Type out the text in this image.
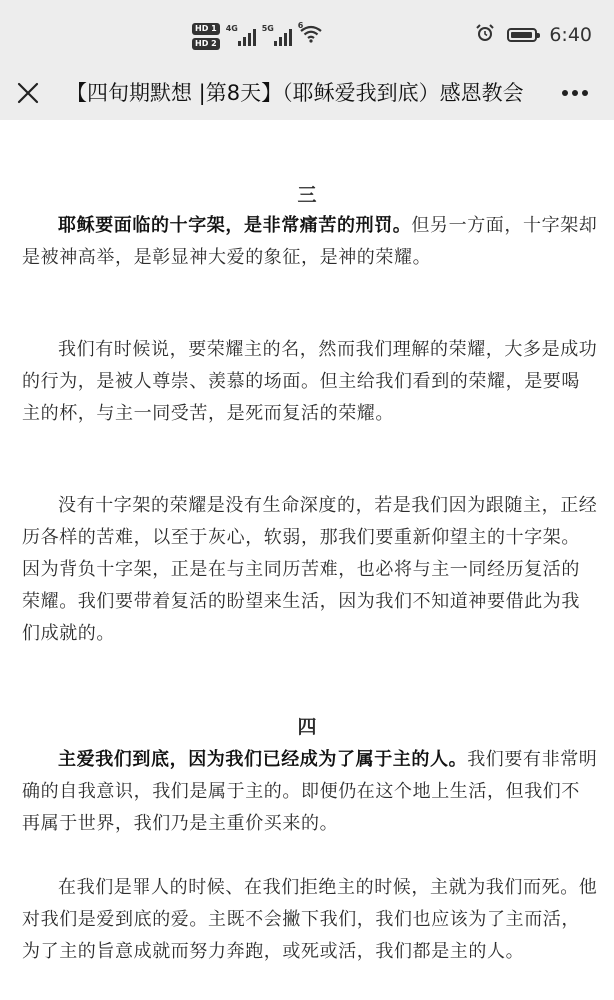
HD 1
HD 2
4G	5G	6	6:40
【四旬期默想 |第8天】（耶稣爱我到底）感恩教会
三

耶稣要面临的十字架，是非常痛苦的刑罚。但另一方面，十字架却是被神高举，是彰显神大爱的象征，是神的荣耀。

我们有时候说，要荣耀主的名，然而我们理解的荣耀，大多是成功的行为，是被人尊崇、羡慕的场面。但主给我们看到的荣耀，是要喝主的杯，与主一同受苦，是死而复活的荣耀。

没有十字架的荣耀是没有生命深度的，若是我们因为跟随主，正经历各样的苦难，以至于灰心，软弱，那我们要重新仰望主的十字架。因为背负十字架，正是在与主同历苦难，也必将与主一同经历复活的荣耀。我们要带着复活的盼望来生活，因为我们不知道神要借此为我们成就的。

四

主爱我们到底，因为我们已经成为了属于主的人。我们要有非常明确的自我意识，我们是属于主的。即便仍在这个地上生活，但我们不再属于世界，我们乃是主重价买来的。

在我们是罪人的时候、在我们拒绝主的时候，主就为我们而死。他对我们是爱到底的爱。主既不会撇下我们，我们也应该为了主而活，为了主的旨意成就而努力奔跑，或死或活，我们都是主的人。
